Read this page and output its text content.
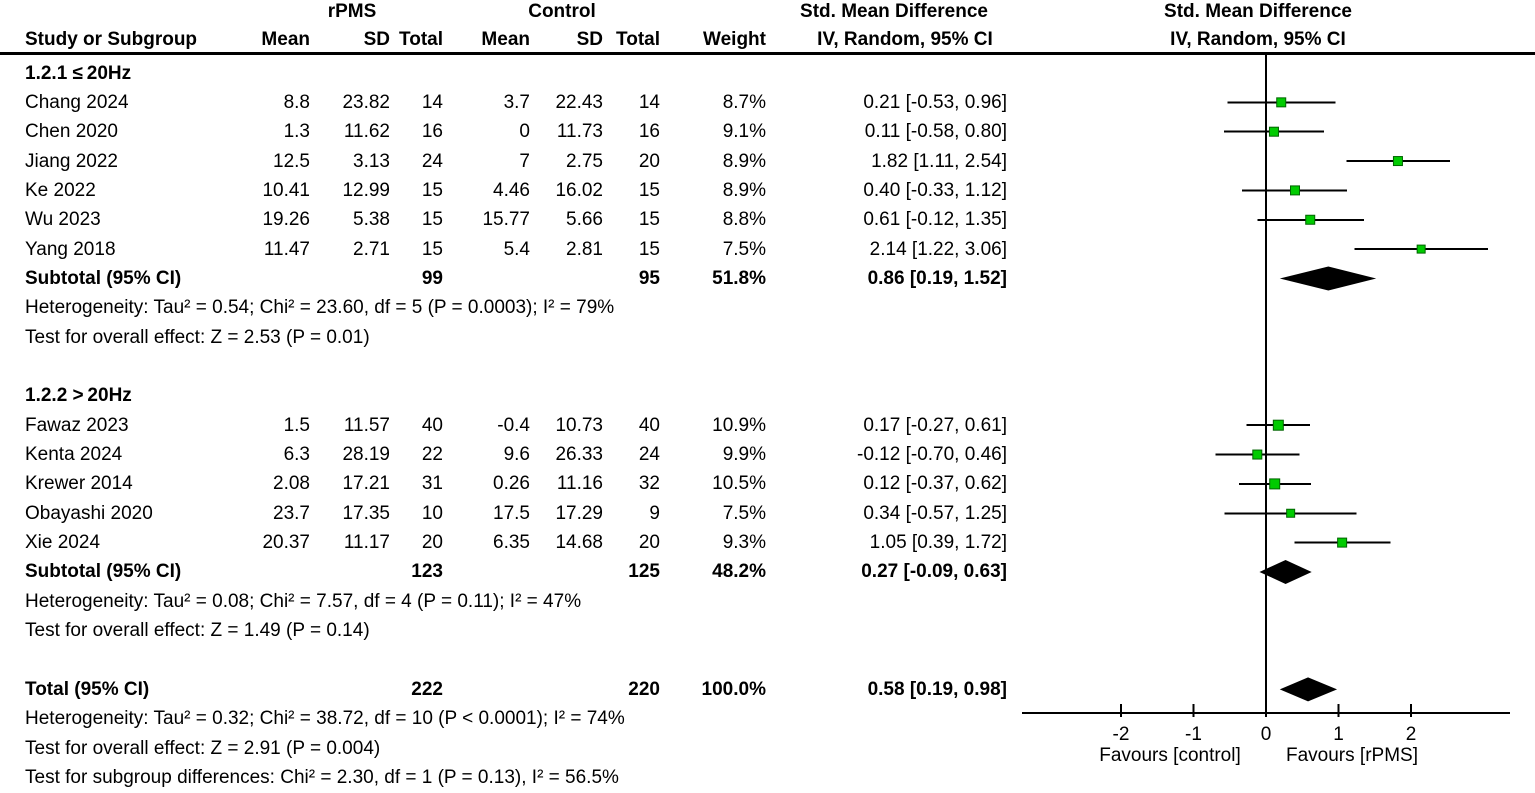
rPMS	Control	Std. Mean Difference	Std. Mean Difference
Study or Subgroup	Mean	SD Total Mean SD Total Weight	IV, Random, 95% CI	IV, Random, 95% CI
1.2.1 ≤ 20Hz
Chang 2024	8.8 23.82 14	3.7 22.43 14	8.7%	0.21 [-0.53, 0.96]
Chen 2020	1.3 11.62 16	0 11.73 16	9.1%	0.11 [-0.58, 0.80]
Jiang 2022	12.5 3.13 24	7 2.75 20	8.9%	1.82 [1.11, 2.54]
Ke 2022	10.41 12.99 15	4.46 16.02 15	8.9%	0.40 [-0.33, 1.12]
Wu 2023	19.26 5.38 15 15.77 5.66 15	8.8%	0.61 [-0.12, 1.35]
Yang 2018	11.47 2.71 15	5.4 2.81 15	7.5%	2.14 [1.22, 3.06]
Subtotal (95% CI)	99	95	51.8%	0.86 [0.19, 1.52]
Heterogeneity: Tau² = 0.54; Chi² = 23.60, df = 5 (P = 0.0003); I² = 79%
Test for overall effect: Z = 2.53 (P = 0.01)
1.2.2 > 20Hz
Fawaz 2023	1.5 11.57 40	-0.4 10.73 40	10.9%	0.17 [-0.27, 0.61]
Kenta 2024	6.3 28.19 22	9.6 26.33 24	9.9%	-0.12 [-0.70, 0.46]
Krewer 2014	2.08 17.21 31	0.26 11.16 32	10.5%	0.12 [-0.37, 0.62]
Obayashi 2020	23.7 17.35 10	17.5 17.29 9	7.5%	0.34 [-0.57, 1.25]
Xie 2024	20.37 11.17 20	6.35 14.68 20	9.3%	1.05 [0.39, 1.72]
Subtotal (95% CI)	123	125	48.2%	0.27 [-0.09, 0.63]
Heterogeneity: Tau² = 0.08; Chi² = 7.57, df = 4 (P = 0.11); I² = 47%
Test for overall effect: Z = 1.49 (P = 0.14)
Total (95% CI)	222	220 100.0%	0.58 [0.19, 0.98]
Heterogeneity: Tau² = 0.32; Chi² = 38.72, df = 10 (P < 0.0001); I² = 74%
Test for overall effect: Z = 2.91 (P = 0.004)
Test for subgroup differences: Chi² = 2.30, df = 1 (P = 0.13), I² = 56.5%
-2	-1	0	1	2
Favours [control]	Favours [rPMS]
